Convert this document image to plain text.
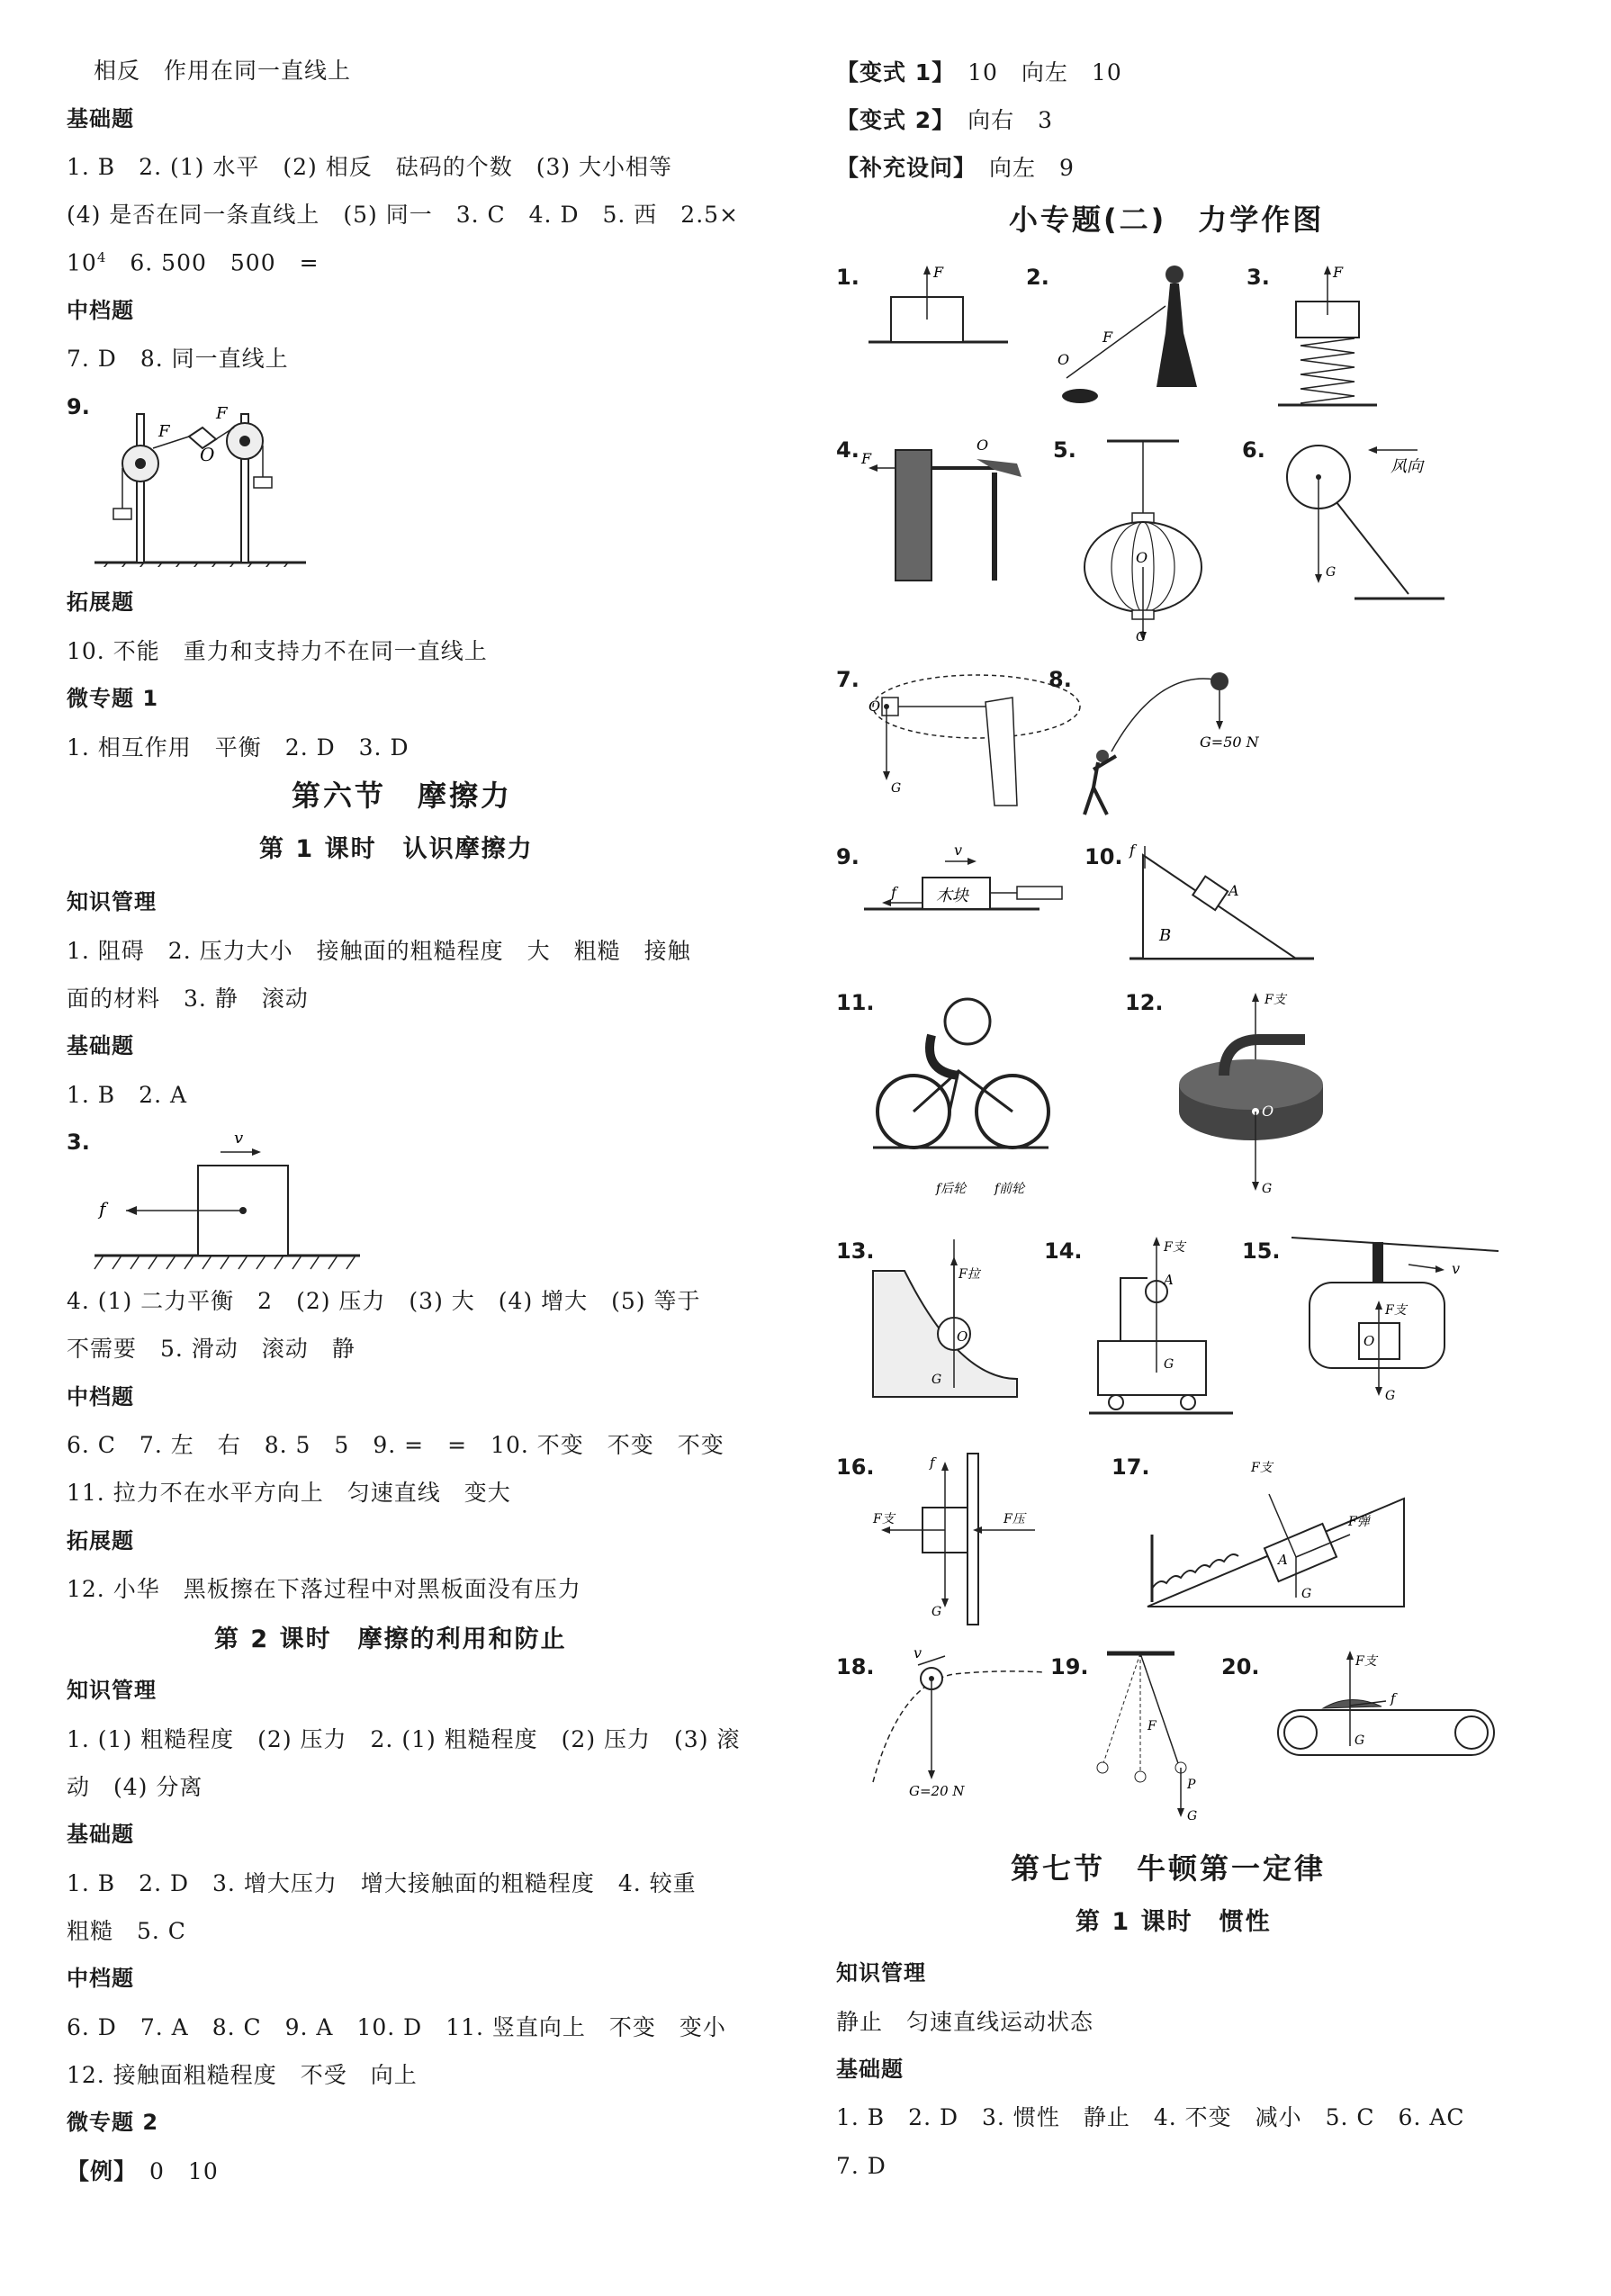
相反　作用在同一直线上
基础题
1. B　2. (1) 水平　(2) 相反　砝码的个数　(3) 大小相等
(4) 是否在同一条直线上　(5) 同一　3. C　4. D　5. 西　2.5×
$10^4$　6. 500　500　=
中档题
7. D　8. 同一直线上
9.
F
F
O
拓展题
10. 不能　重力和支持力不在同一直线上
微专题 1
1. 相互作用　平衡　2. D　3. D
第六节　摩擦力
第 1 课时　认识摩擦力
知识管理
1. 阻碍　2. 压力大小　接触面的粗糙程度　大　粗糙　接触
面的材料　3. 静　滚动
基础题
1. B　2. A
3.	v
f
4. (1) 二力平衡　2　(2) 压力　(3) 大　(4) 增大　(5) 等于
不需要　5. 滑动　滚动　静
中档题
6. C　7. 左　右　8. 5　5　9. =　=　10. 不变　不变　不变
11. 拉力不在水平方向上　匀速直线　变大
拓展题
12. 小华　黑板擦在下落过程中对黑板面没有压力
第 2 课时　摩擦的利用和防止
知识管理
1. (1) 粗糙程度　(2) 压力　2. (1) 粗糙程度　(2) 压力　(3) 滚
动　(4) 分离
基础题
1. B　2. D　3. 增大压力　增大接触面的粗糙程度　4. 较重
粗糙　5. C
中档题
6. D　7. A　8. C　9. A　10. D　11. 竖直向上　不变　变小
12. 接触面粗糙程度　不受　向上
微专题 2
【例】 0　10
【变式 1】 10　向左　10
【变式 2】 向右　3
【补充设问】 向左　9
小专题(二)　力学作图
1.	F	2.
F
O
3.	F
4. F
O	5.
O
G
6.
风向
G
7.
O
G
8.
G=50 N
9.
木块
f
v	10. f
A
B
11.
f后轮 f前轮
12.
O
F支
G
13.
O
G
F拉
14.
A
F支
G
15.
v
O
F支
G
16.	f
G
F支	F压
17.
A
G
F支
F弹
18.
v
G=20 N
19.
F
P
G
20.	F支
f
G
第七节　牛顿第一定律
第 1 课时　惯性
知识管理
静止　匀速直线运动状态
基础题
1. B　2. D　3. 惯性　静止　4. 不变　减小　5. C　6. AC
7. D
